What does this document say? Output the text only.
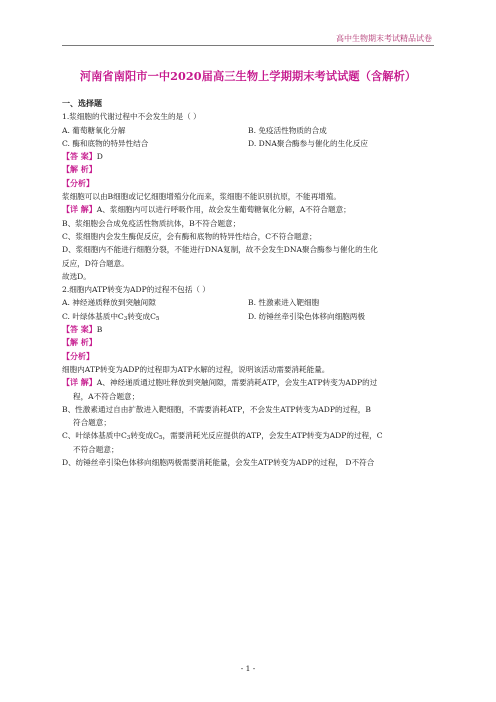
高中生物期末考试精品试卷
河南省南阳市一中2020届高三生物上学期期末考试试题（含解析）
一、选择题
1.浆细胞的代谢过程中不会发生的是（ ）
A. 葡萄糖氧化分解	B. 免疫活性物质的合成
C. 酶和底物的特异性结合	D. DNA聚合酶参与催化的生化反应
【答 案】D
【解 析】
【分析】
浆细胞可以由B细胞或记忆细胞增殖分化而来，浆细胞不能识别抗原，不能再增殖。
【详 解】A、浆细胞内可以进行呼吸作用，故会发生葡萄糖氧化分解，A不符合题意；
B、浆细胞会合成免疫活性物质抗体，B不符合题意；
C、浆细胞内会发生酶促反应，会有酶和底物的特异性结合，C不符合题意；
D、浆细胞内不能进行细胞分裂，不能进行DNA复制，故不会发生DNA聚合酶参与催化的生化
反应，D符合题意。
故选D。
2.细胞内ATP转变为ADP的过程不包括（ ）
A. 神经递质释放到突触间隙	B. 性激素进入靶细胞
C. 叶绿体基质中C3转变成C5	D. 纺锤丝牵引染色体移向细胞两极
【答 案】B
【解 析】
【分析】
细胞内ATP转变为ADP的过程即为ATP水解的过程，说明该活动需要消耗能量。
【详 解】A、神经递质通过胞吐释放到突触间隙，需要消耗ATP，会发生ATP转变为ADP的过
程，A不符合题意；
B、性激素通过自由扩散进入靶细胞，不需要消耗ATP，不会发生ATP转变为ADP的过程，B
符合题意；
C、叶绿体基质中C3转变成C5，需要消耗光反应提供的ATP，会发生ATP转变为ADP的过程，C
不符合题意；
D、纺锤丝牵引染色体移向细胞两极需要消耗能量，会发生ATP转变为ADP的过程， D不符合
- 1 -
